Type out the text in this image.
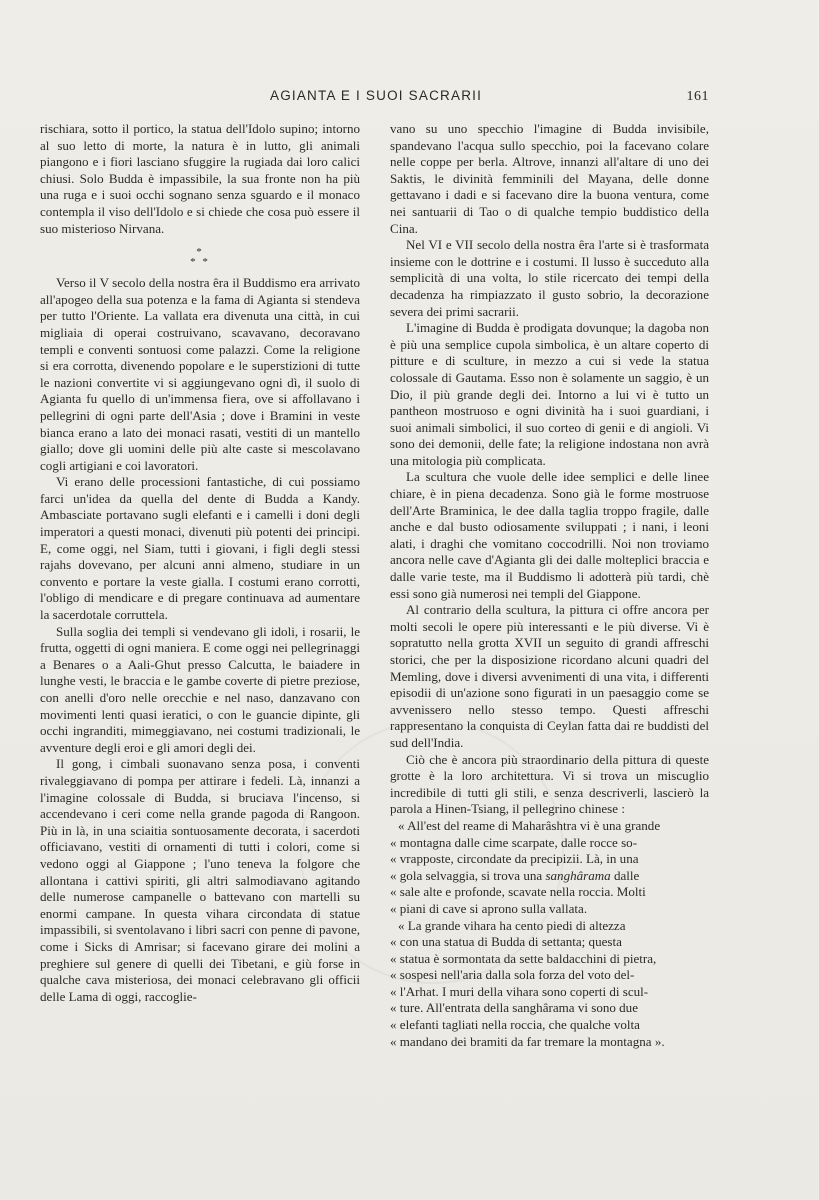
AGIANTA E I SUOI SACRARII	161

rischiara, sotto il portico, la statua dell'Idolo supino; intorno al suo letto di morte, la natura è in lutto, gli animali piangono e i fiori lasciano sfuggire la rugiada dai loro calici chiusi. Solo Budda è impassibile, la sua fronte non ha più una ruga e i suoi occhi sognano senza sguardo e il monaco contempla il viso dell'Idolo e si chiede che cosa può essere il suo misterioso Nirvana.

*
* *

Verso il V secolo della nostra êra il Buddismo era arrivato all'apogeo della sua potenza e la fama di Agianta si stendeva per tutto l'Oriente. La vallata era divenuta una città, in cui migliaia di operai costruivano, scavavano, decoravano templi e conventi sontuosi come palazzi. Come la religione si era corrotta, divenendo popolare e le superstizioni di tutte le nazioni convertite vi si aggiungevano ogni dì, il suolo di Agianta fu quello di un'immensa fiera, ove si affollavano i pellegrini di ogni parte dell'Asia ; dove i Bramini in veste bianca erano a lato dei monaci rasati, vestiti di un mantello giallo; dove gli uomini delle più alte caste si mescolavano cogli artigiani e coi lavoratori.

Vi erano delle processioni fantastiche, di cui possiamo farci un'idea da quella del dente di Budda a Kandy. Ambasciate portavano sugli elefanti e i camelli i doni degli imperatori a questi monaci, divenuti più potenti dei principi. E, come oggi, nel Siam, tutti i giovani, i figli degli stessi rajahs dovevano, per alcuni anni almeno, studiare in un convento e portare la veste gialla. I costumi erano corrotti, l'obligo di mendicare e di pregare continuava ad aumentare la sacerdotale corruttela.

Sulla soglia dei templi si vendevano gli idoli, i rosarii, le frutta, oggetti di ogni maniera. E come oggi nei pellegrinaggi a Benares o a Aali-Ghut presso Calcutta, le baiadere in lunghe vesti, le braccia e le gambe coverte di pietre preziose, con anelli d'oro nelle orecchie e nel naso, danzavano con movimenti lenti quasi ieratici, o con le guancie dipinte, gli occhi ingranditi, mimeggiavano, nei costumi tradizionali, le avventure degli eroi e gli amori degli dei.

Il gong, i cimbali suonavano senza posa, i conventi rivaleggiavano di pompa per attirare i fedeli. Là, innanzi a l'imagine colossale di Budda, si bruciava l'incenso, si accendevano i ceri come nella grande pagoda di Rangoon. Più in là, in una sciaitia sontuosamente decorata, i sacerdoti officiavano, vestiti di ornamenti di tutti i colori, come si vedono oggi al Giappone ; l'uno teneva la folgore che allontana i cattivi spiriti, gli altri salmodiavano agitando delle numerose campanelle o battevano con martelli su enormi campane. In questa vihara circondata di statue impassibili, si sventolavano i libri sacri con penne di pavone, come i Sicks di Amrisar; si facevano girare dei molini a preghiere sul genere di quelli dei Tibetani, e giù forse in qualche cava misteriosa, dei monaci celebravano gli officii delle Lama di oggi, raccoglie-

vano su uno specchio l'imagine di Budda invisibile, spandevano l'acqua sullo specchio, poi la facevano colare nelle coppe per berla. Altrove, innanzi all'altare di uno dei Saktis, le divinità femminili del Mayana, delle donne gettavano i dadi e si facevano dire la buona ventura, come nei santuarii di Tao o di qualche tempio buddistico della Cina.

Nel VI e VII secolo della nostra êra l'arte si è trasformata insieme con le dottrine e i costumi. Il lusso è succeduto alla semplicità di una volta, lo stile ricercato dei tempi della decadenza ha rimpiazzato il gusto sobrio, la decorazione severa dei primi sacrarii.

L'imagine di Budda è prodigata dovunque; la dagoba non è più una semplice cupola simbolica, è un altare coperto di pitture e di sculture, in mezzo a cui si vede la statua colossale di Gautama. Esso non è solamente un saggio, è un Dio, il più grande degli dei. Intorno a lui vi è tutto un pantheon mostruoso e ogni divinità ha i suoi guardiani, i suoi animali simbolici, il suo corteo di genii e di angioli. Vi sono dei demonii, delle fate; la religione indostana non avrà una mitologia più complicata.

La scultura che vuole delle idee semplici e delle linee chiare, è in piena decadenza. Sono già le forme mostruose dell'Arte Braminica, le dee dalla taglia troppo fragile, dalle anche e dal busto odiosamente sviluppati ; i nani, i leoni alati, i draghi che vomitano coccodrilli. Noi non troviamo ancora nelle cave d'Agianta gli dei dalle molteplici braccia e dalle varie teste, ma il Buddismo li adotterà più tardi, chè essi sono già numerosi nei templi del Giappone.

Al contrario della scultura, la pittura ci offre ancora per molti secoli le opere più interessanti e le più diverse. Vi è sopratutto nella grotta XVII un seguito di grandi affreschi storici, che per la disposizione ricordano alcuni quadri del Memling, dove i diversi avvenimenti di una vita, i differenti episodii di un'azione sono figurati in un paesaggio come se avvenissero nello stesso tempo. Questi affreschi rappresentano la conquista di Ceylan fatta dai re buddisti del sud dell'India.

Ciò che è ancora più straordinario della pittura di queste grotte è la loro architettura. Vi si trova un miscuglio incredibile di tutti gli stili, e senza descriverli, lascierò la parola a Hinen-Tsiang, il pellegrino chinese :

« All'est del reame di Maharâshtra vi è una grande
« montagna dalle cime scarpate, dalle rocce so-
« vrapposte, circondate da precipizii. Là, in una
« gola selvaggia, si trova una sanghârama dalle
« sale alte e profonde, scavate nella roccia. Molti
« piani di cave si aprono sulla vallata.
« La grande vihara ha cento piedi di altezza
« con una statua di Budda di settanta; questa
« statua è sormontata da sette baldacchini di pietra,
« sospesi nell'aria dalla sola forza del voto del-
« l'Arhat. I muri della vihara sono coperti di scul-
« ture. All'entrata della sanghârama vi sono due
« elefanti tagliati nella roccia, che qualche volta
« mandano dei bramiti da far tremare la montagna ».
